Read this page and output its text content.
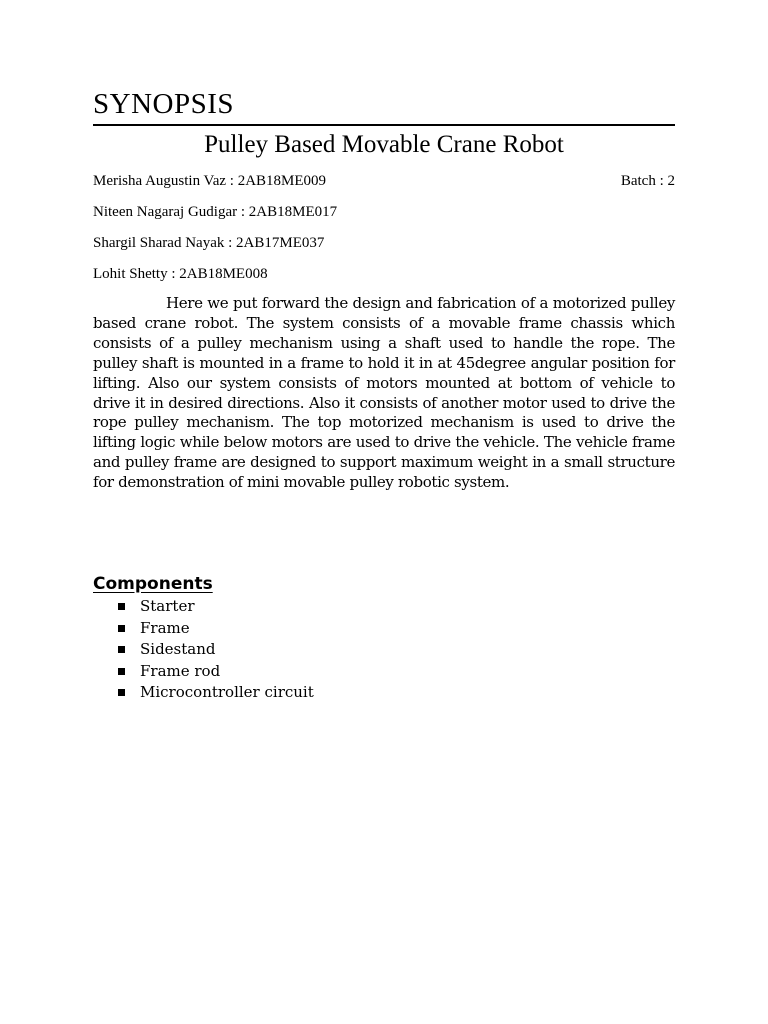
SYNOPSIS
Pulley Based Movable Crane Robot
Merisha Augustin Vaz : 2AB18ME009	Batch : 2
Niteen Nagaraj Gudigar : 2AB18ME017
Shargil Sharad Nayak : 2AB17ME037
Lohit Shetty : 2AB18ME008

Here we put forward the design and fabrication of a motorized pulley based crane robot. The system consists of a movable frame chassis which consists of a pulley mechanism using a shaft used to handle the rope. The pulley shaft is mounted in a frame to hold it in at 45degree angular position for lifting. Also our system consists of motors mounted at bottom of vehicle to drive it in desired directions. Also it consists of another motor used to drive the rope pulley mechanism. The top motorized mechanism is used to drive the lifting logic while below motors are used to drive the vehicle. The vehicle frame and pulley frame are designed to support maximum weight in a small structure for demonstration of mini movable pulley robotic system.

Components
Starter
Frame
Sidestand
Frame rod
Microcontroller circuit
